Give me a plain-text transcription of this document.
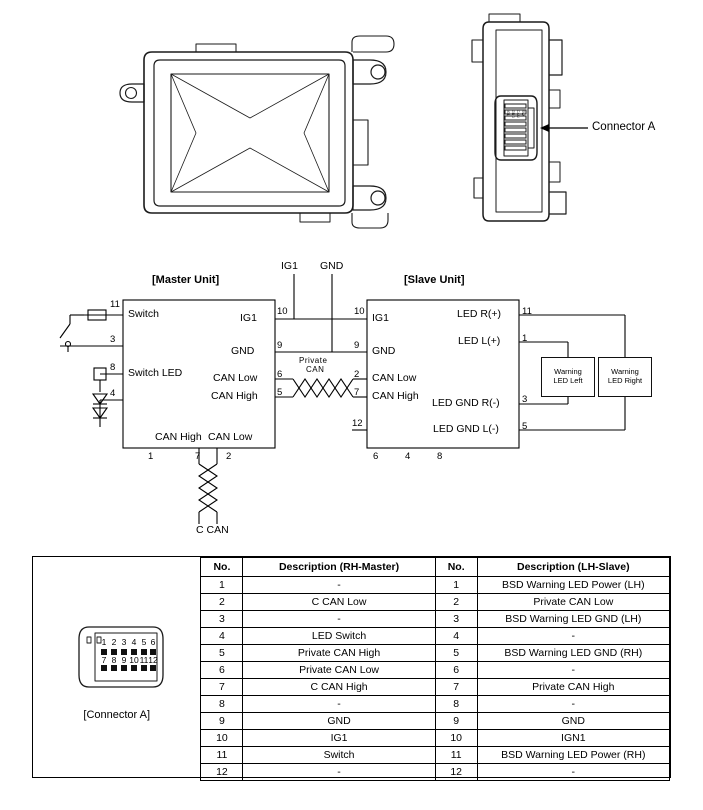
IG1 GND CAN SW
Connector A
[Master Unit]	[Slave Unit]
IG1 GND
Private
CAN
C CAN
Switch
Switch LED
IG1
GND
CAN Low
CAN High
CAN High CAN Low
11
3
8
4
10
9
6
5
1	7	2
IG1
GND
CAN Low
CAN High
LED R(+)
LED L(+)
LED GND R(-)
LED GND L(-)
10
9
2
7
12
11
1
3
5
6	4	8
Warning
LED Left
Warning
LED Right
1 2 3 4 5 6
7 8 9 10 11 12
[Connector A]
No.	Description (RH-Master)	No.	Description (LH-Slave)
1	-	1	BSD Warning LED Power (LH)
2	C CAN Low	2	Private CAN Low
3	-	3	BSD Warning LED GND (LH)
4	LED Switch	4	-
5	Private CAN High	5	BSD Warning LED GND (RH)
6	Private CAN Low	6	-
7	C CAN High	7	Private CAN High
8	-	8	-
9	GND	9	GND
10	IG1	10	IGN1
11	Switch	11	BSD Warning LED Power (RH)
12	-	12	-
